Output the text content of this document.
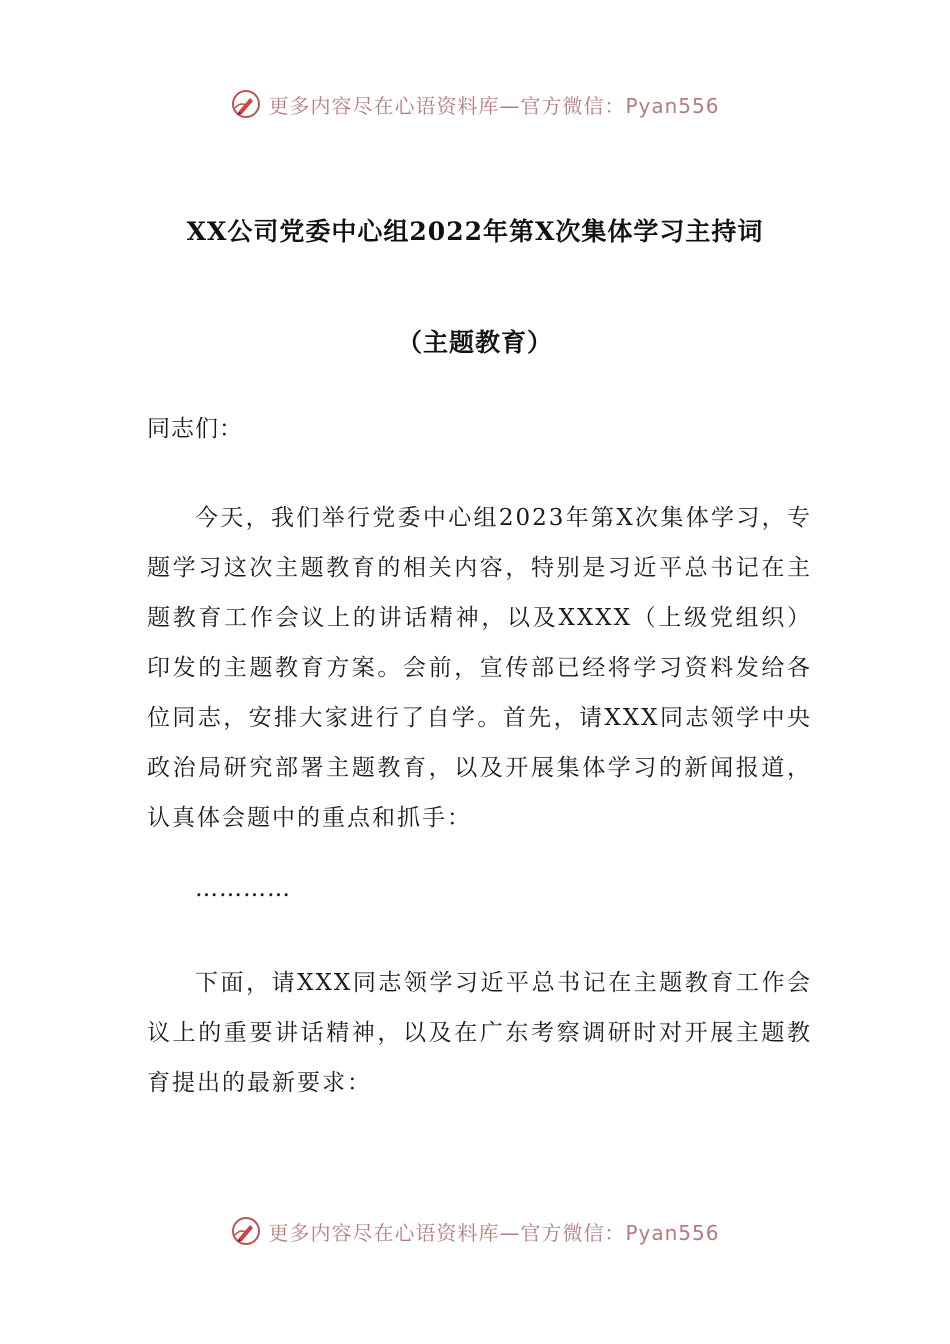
更多内容尽在心语资料库—官方微信：Pyan556
XX公司党委中心组2022年第X次集体学习主持词
（主题教育）
同志们：
今天，我们举行党委中心组2023年第X次集体学习，专题学习这次主题教育的相关内容，特别是习近平总书记在主题教育工作会议上的讲话精神，以及XXXX（上级党组织）印发的主题教育方案。会前，宣传部已经将学习资料发给各位同志，安排大家进行了自学。首先，请XXX同志领学中央政治局研究部署主题教育，以及开展集体学习的新闻报道，认真体会题中的重点和抓手：
…………
下面，请XXX同志领学习近平总书记在主题教育工作会议上的重要讲话精神，以及在广东考察调研时对开展主题教育提出的最新要求：
更多内容尽在心语资料库—官方微信：Pyan556
